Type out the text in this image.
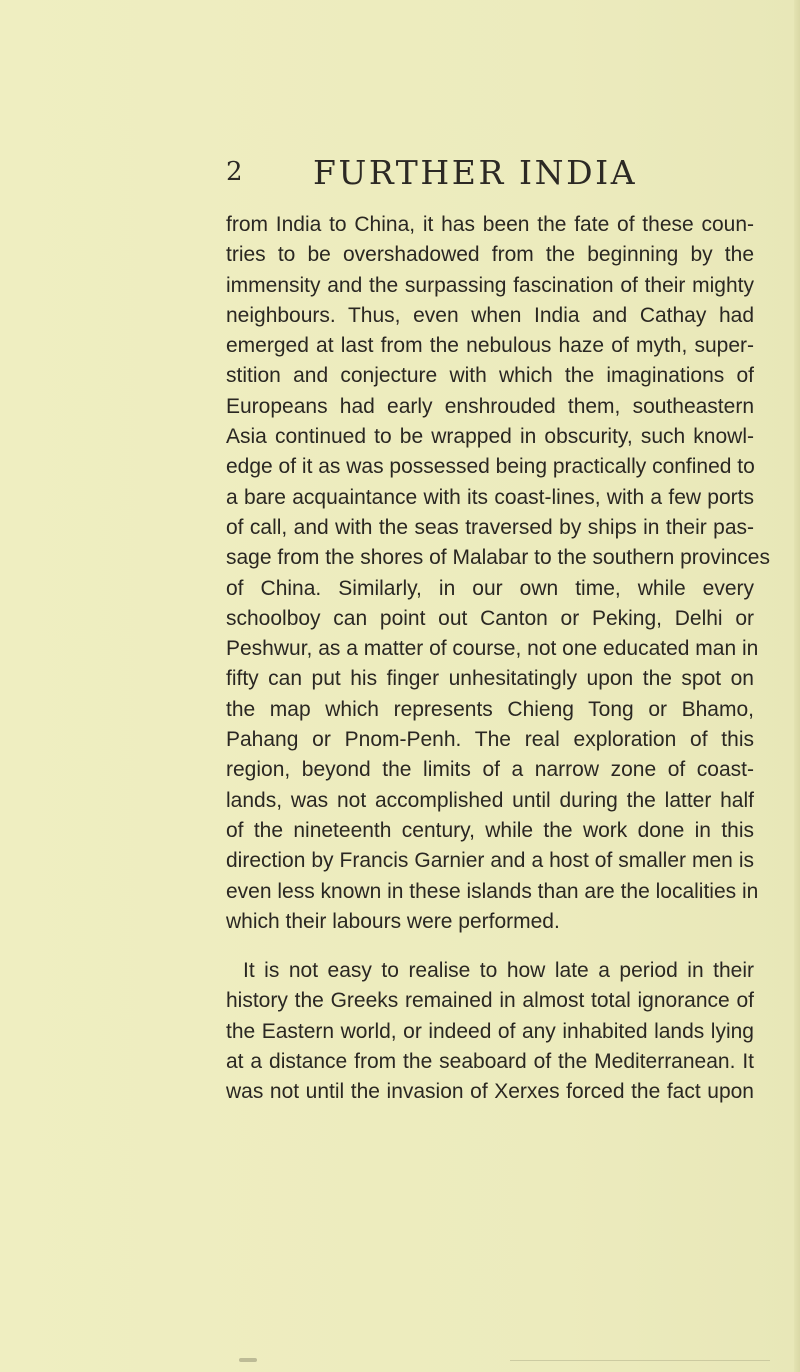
2 FURTHER INDIA
from India to China, it has been the fate of these coun-
tries to be overshadowed from the beginning by the
immensity and the surpassing fascination of their mighty
neighbours. Thus, even when India and Cathay had
emerged at last from the nebulous haze of myth, super-
stition and conjecture with which the imaginations of
Europeans had early enshrouded them, southeastern
Asia continued to be wrapped in obscurity, such knowl-
edge of it as was possessed being practically confined to
a bare acquaintance with its coast-lines, with a few ports
of call, and with the seas traversed by ships in their pas-
sage from the shores of Malabar to the southern provinces
of China. Similarly, in our own time, while every
schoolboy can point out Canton or Peking, Delhi or
Peshwur, as a matter of course, not one educated man in
fifty can put his finger unhesitatingly upon the spot on
the map which represents Chieng Tong or Bhamo,
Pahang or Pnom-Penh. The real exploration of this
region, beyond the limits of a narrow zone of coast-
lands, was not accomplished until during the latter half
of the nineteenth century, while the work done in this
direction by Francis Garnier and a host of smaller men is
even less known in these islands than are the localities in
which their labours were performed.
It is not easy to realise to how late a period in their
history the Greeks remained in almost total ignorance of
the Eastern world, or indeed of any inhabited lands lying
at a distance from the seaboard of the Mediterranean. It
was not until the invasion of Xerxes forced the fact upon
